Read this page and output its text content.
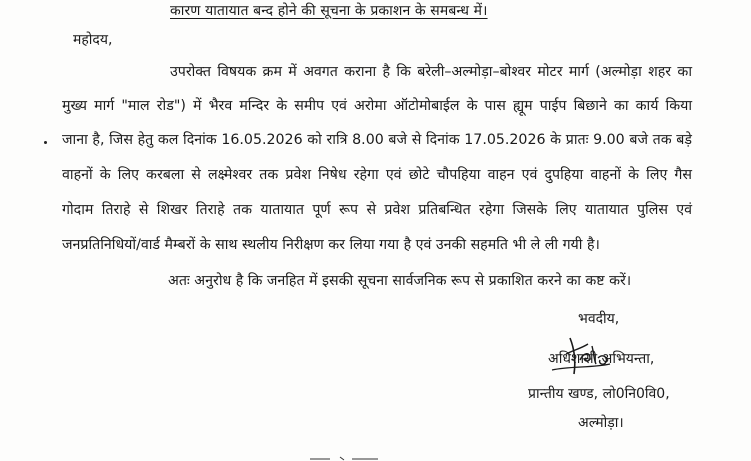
कारण यातायात बन्द होने की सूचना के प्रकाशन के समबन्ध में।
महोदय,
उपरोक्त विषयक क्रम में अवगत कराना है कि बरेली–अल्मोड़ा–बोश्वर मोटर मार्ग (अल्मोड़ा शहर का
मुख्य मार्ग "माल रोड") में भैरव मन्दिर के समीप एवं अरोमा ऑटोमोबाईल के पास ह्यूम पाईप बिछाने का कार्य किया
जाना है, जिस हेतु कल दिनांक 16.05.2026 को रात्रि 8.00 बजे से दिनांक 17.05.2026 के प्रातः 9.00 बजे तक बड़े
वाहनों के लिए करबला से लक्ष्मेश्वर तक प्रवेश निषेध रहेगा एवं छोटे चौपहिया वाहन एवं दुपहिया वाहनों के लिए गैस
गोदाम तिराहे से शिखर तिराहे तक यातायात पूर्ण रूप से प्रवेश प्रतिबन्धित रहेगा जिसके लिए यातायात पुलिस एवं
जनप्रतिनिधियों/वार्ड मैम्बरों के साथ स्थलीय निरीक्षण कर लिया गया है एवं उनकी सहमति भी ले ली गयी है।
अतः अनुरोध है कि जनहित में इसकी सूचना सार्वजनिक रूप से प्रकाशित करने का कष्ट करें।
भवदीय,
अधिशासी अभियन्ता,
प्रान्तीय खण्ड, लो0नि0वि0,
अल्मोड़ा।
